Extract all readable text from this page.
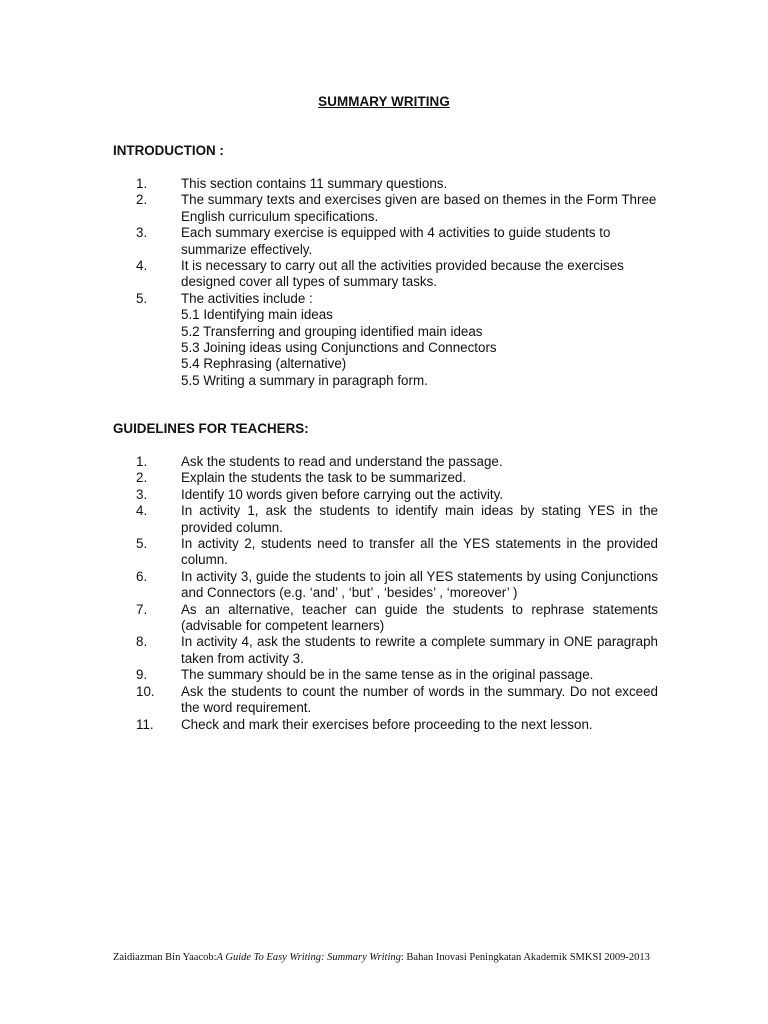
SUMMARY WRITING
INTRODUCTION :
1.	This section contains 11 summary questions.
2.	The summary texts and exercises given are based on themes in the Form Three English curriculum specifications.
3.	Each summary exercise is equipped with 4 activities to guide students to summarize effectively.
4.	It is necessary to carry out all the activities provided because the exercises designed cover all types of summary tasks.
5.	The activities include :
5.1 Identifying main ideas
5.2 Transferring and grouping identified main ideas
5.3 Joining ideas using Conjunctions and Connectors
5.4 Rephrasing (alternative)
5.5 Writing a summary in paragraph form.
GUIDELINES FOR TEACHERS:
1.	Ask the students to read and understand the passage.
2.	Explain the students the task to be summarized.
3.	Identify 10 words given before carrying out the activity.
4.	In activity 1, ask the students to identify main ideas by stating YES in the provided column.
5.	In activity 2, students need to transfer all the YES statements in the provided column.
6.	In activity 3, guide the students to join all YES statements by using Conjunctions and Connectors (e.g. ‘and’ , ‘but’ , ‘besides’ , ‘moreover’ )
7.	As an alternative, teacher can guide the students to rephrase statements (advisable for competent learners)
8.	In activity 4, ask the students to rewrite a complete summary in ONE paragraph taken from activity 3.
9.	The summary should be in the same tense as in the original passage.
10. Ask the students to count the number of words in the summary. Do not exceed the word requirement.
11. Check and mark their exercises before proceeding to the next lesson.
Zaidiazman Bin Yaacob:A Guide To Easy Writing: Summary Writing: Bahan Inovasi Peningkatan Akademik SMKSI 2009-2013
